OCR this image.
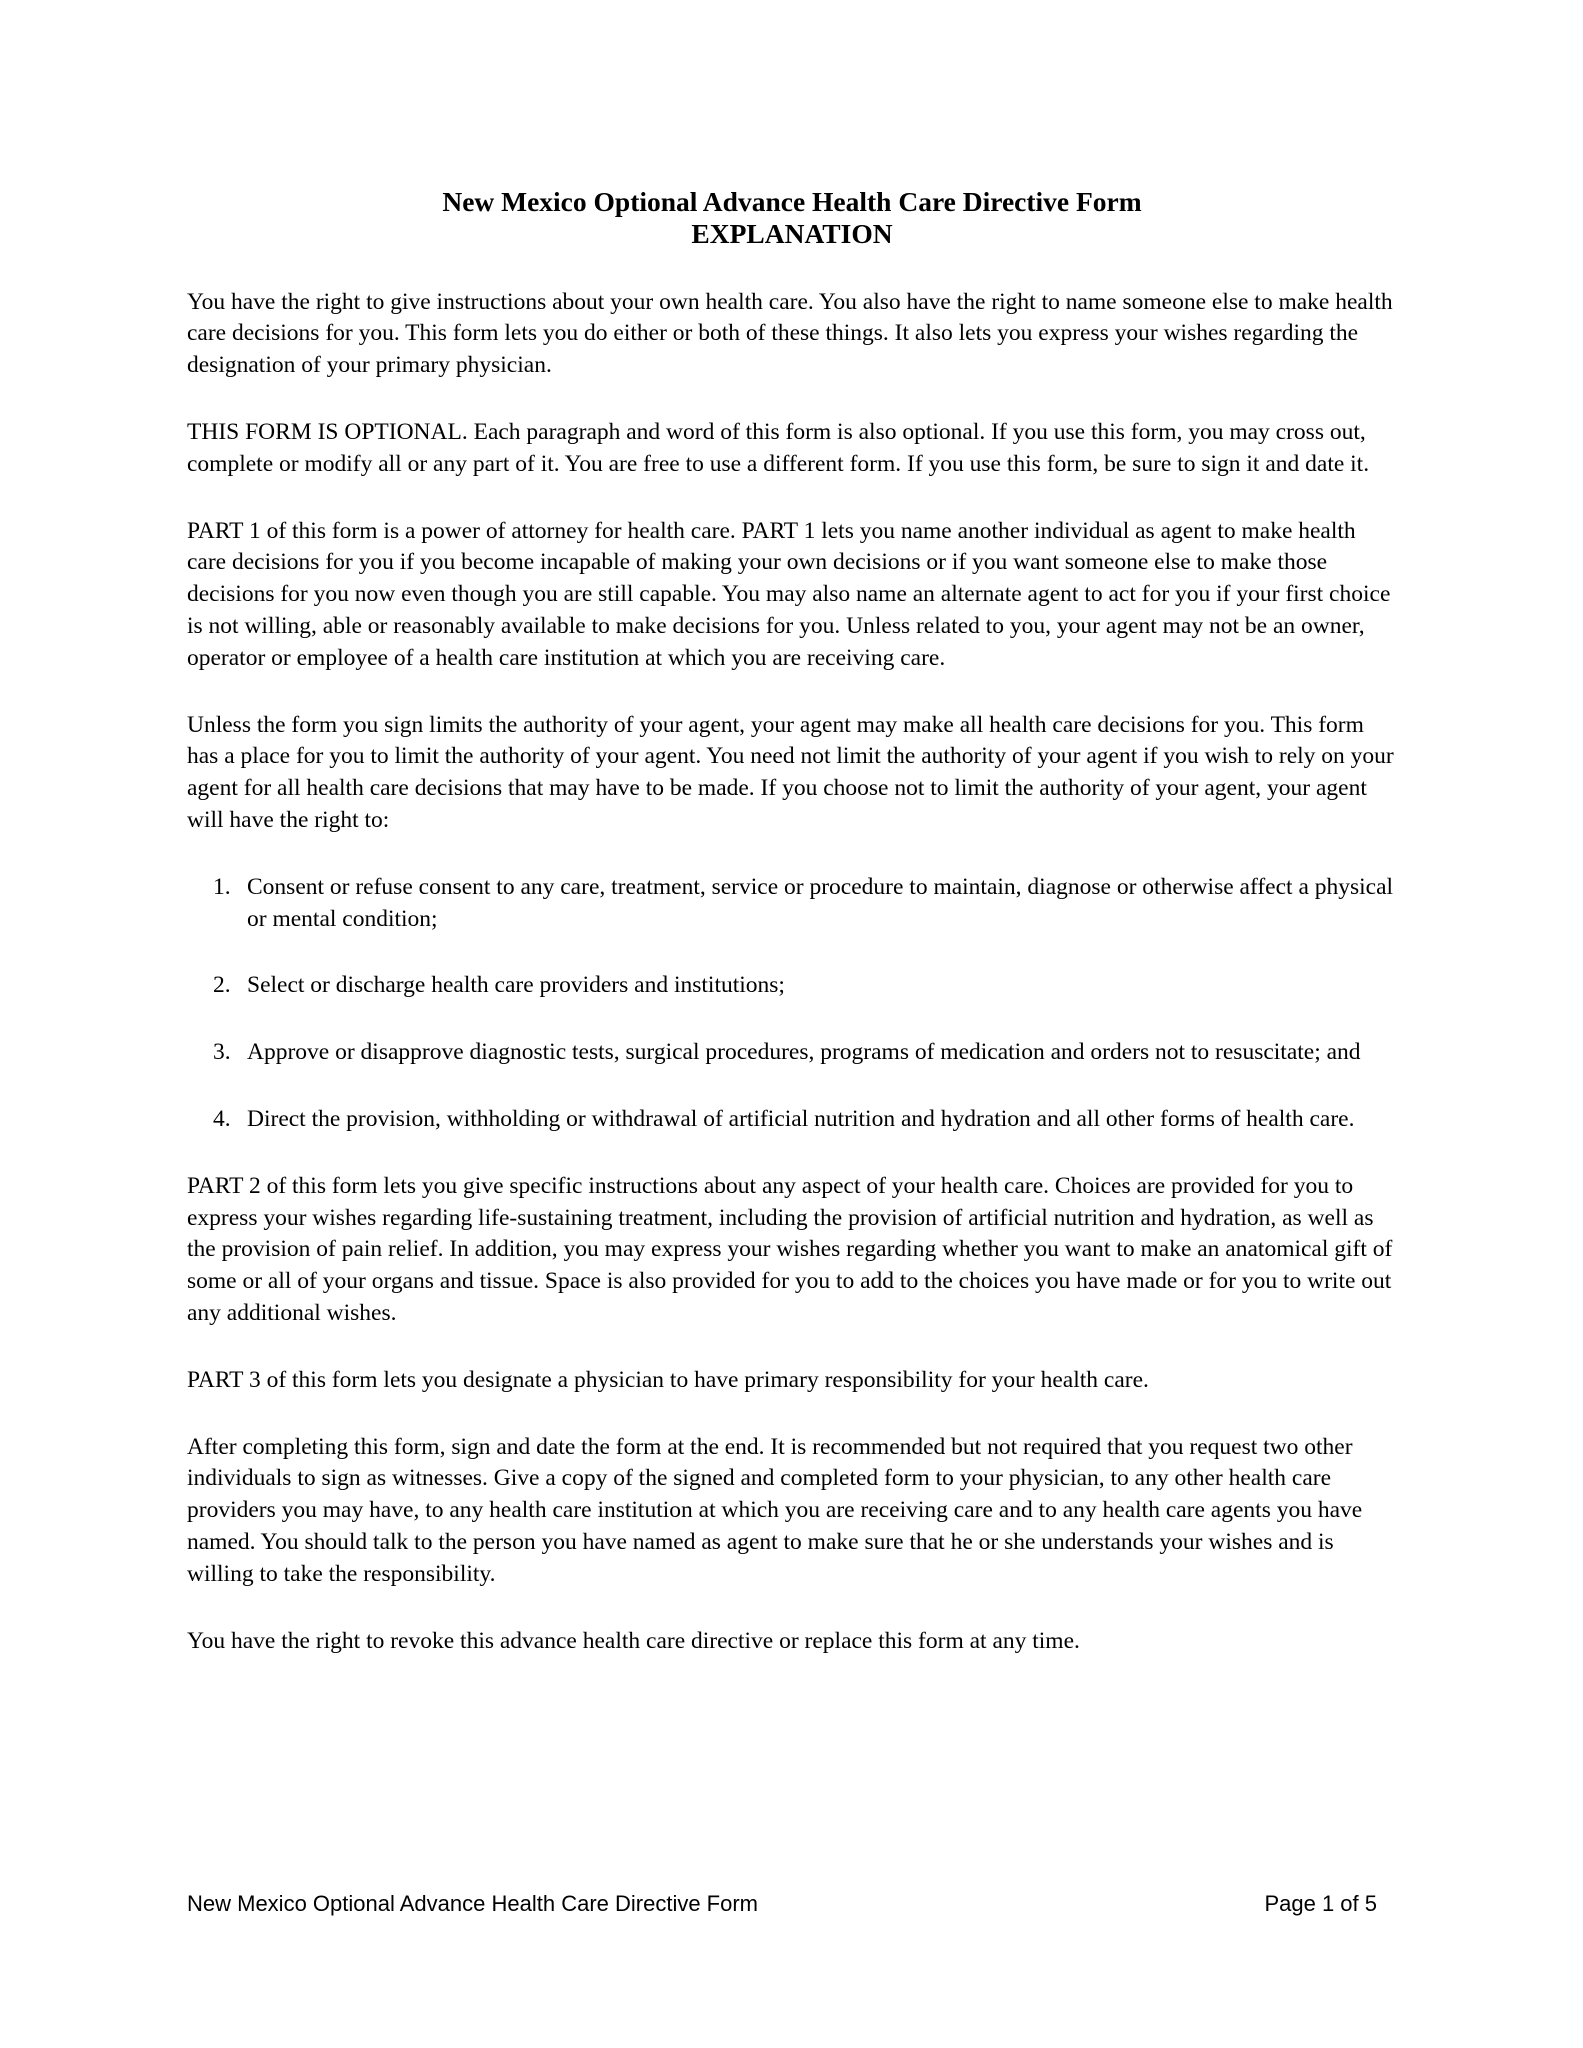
New Mexico Optional Advance Health Care Directive Form
EXPLANATION

You have the right to give instructions about your own health care. You also have the right to name someone else to make health care decisions for you. This form lets you do either or both of these things. It also lets you express your wishes regarding the designation of your primary physician.

THIS FORM IS OPTIONAL. Each paragraph and word of this form is also optional. If you use this form, you may cross out, complete or modify all or any part of it. You are free to use a different form. If you use this form, be sure to sign it and date it.

PART 1 of this form is a power of attorney for health care. PART 1 lets you name another individual as agent to make health care decisions for you if you become incapable of making your own decisions or if you want someone else to make those decisions for you now even though you are still capable. You may also name an alternate agent to act for you if your first choice is not willing, able or reasonably available to make decisions for you. Unless related to you, your agent may not be an owner, operator or employee of a health care institution at which you are receiving care.

Unless the form you sign limits the authority of your agent, your agent may make all health care decisions for you. This form has a place for you to limit the authority of your agent. You need not limit the authority of your agent if you wish to rely on your agent for all health care decisions that may have to be made. If you choose not to limit the authority of your agent, your agent will have the right to:

1. Consent or refuse consent to any care, treatment, service or procedure to maintain, diagnose or otherwise affect a physical or mental condition;
2. Select or discharge health care providers and institutions;
3. Approve or disapprove diagnostic tests, surgical procedures, programs of medication and orders not to resuscitate; and
4. Direct the provision, withholding or withdrawal of artificial nutrition and hydration and all other forms of health care.

PART 2 of this form lets you give specific instructions about any aspect of your health care. Choices are provided for you to express your wishes regarding life-sustaining treatment, including the provision of artificial nutrition and hydration, as well as the provision of pain relief. In addition, you may express your wishes regarding whether you want to make an anatomical gift of some or all of your organs and tissue. Space is also provided for you to add to the choices you have made or for you to write out any additional wishes.

PART 3 of this form lets you designate a physician to have primary responsibility for your health care.

After completing this form, sign and date the form at the end. It is recommended but not required that you request two other individuals to sign as witnesses. Give a copy of the signed and completed form to your physician, to any other health care providers you may have, to any health care institution at which you are receiving care and to any health care agents you have named. You should talk to the person you have named as agent to make sure that he or she understands your wishes and is willing to take the responsibility.

You have the right to revoke this advance health care directive or replace this form at any time.

New Mexico Optional Advance Health Care Directive Form	Page 1 of 5
